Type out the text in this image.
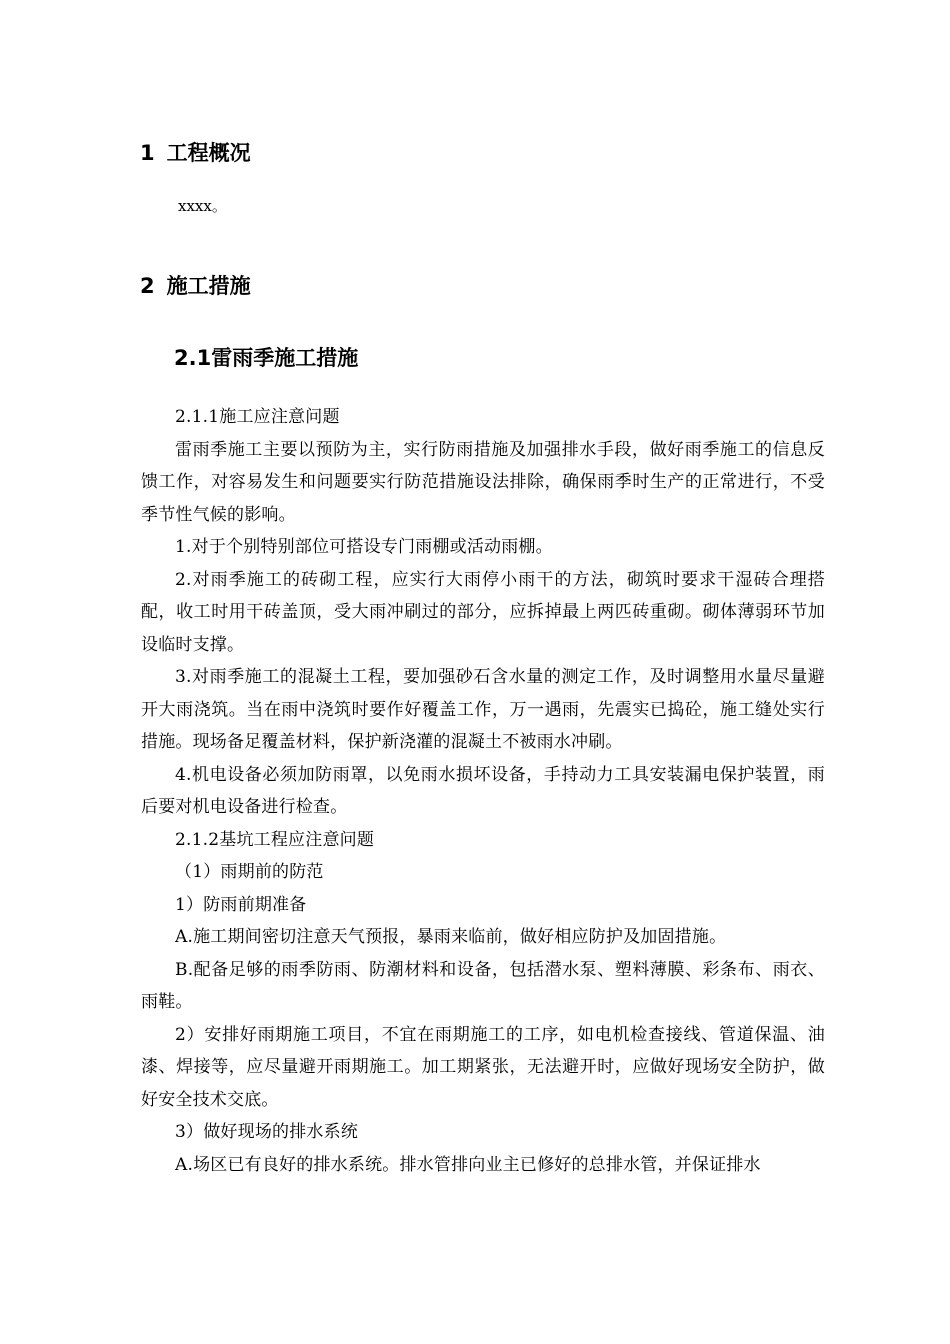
1 工程概况

xxxx。

2 施工措施
2.1雷雨季施工措施

2.1.1施工应注意问题

雷雨季施工主要以预防为主，实行防雨措施及加强排水手段，做好雨季施工的信息反馈工作，对容易发生和问题要实行防范措施设法排除，确保雨季时生产的正常进行，不受季节性气候的影响。

1.对于个别特别部位可搭设专门雨棚或活动雨棚。

2.对雨季施工的砖砌工程，应实行大雨停小雨干的方法，砌筑时要求干湿砖合理搭配，收工时用干砖盖顶，受大雨冲刷过的部分，应拆掉最上两匹砖重砌。砌体薄弱环节加设临时支撑。

3.对雨季施工的混凝土工程，要加强砂石含水量的测定工作，及时调整用水量尽量避开大雨浇筑。当在雨中浇筑时要作好覆盖工作，万一遇雨，先震实已捣砼，施工缝处实行措施。现场备足覆盖材料，保护新浇灌的混凝土不被雨水冲刷。

4.机电设备必须加防雨罩，以免雨水损坏设备，手持动力工具安装漏电保护装置，雨后要对机电设备进行检查。

2.1.2基坑工程应注意问题

（1）雨期前的防范

1）防雨前期准备

A.施工期间密切注意天气预报，暴雨来临前，做好相应防护及加固措施。

B.配备足够的雨季防雨、防潮材料和设备，包括潜水泵、塑料薄膜、彩条布、雨衣、雨鞋。

2）安排好雨期施工项目，不宜在雨期施工的工序，如电机检查接线、管道保温、油漆、焊接等，应尽量避开雨期施工。加工期紧张，无法避开时，应做好现场安全防护，做好安全技术交底。

3）做好现场的排水系统

A.场区已有良好的排水系统。排水管排向业主已修好的总排水管，并保证排水
